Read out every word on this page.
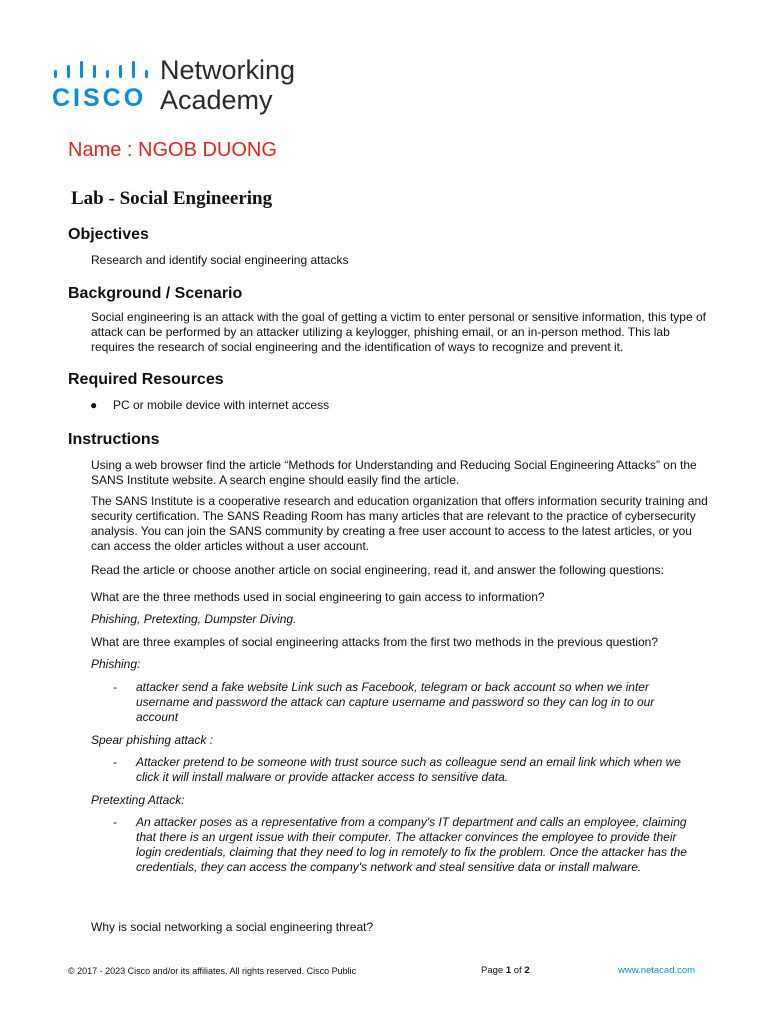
CISCO
Networking
Academy
Name : NGOB DUONG
Lab - Social Engineering
Objectives
Research and identify social engineering attacks
Background / Scenario
Social engineering is an attack with the goal of getting a victim to enter personal or sensitive information, this type of attack can be performed by an attacker utilizing a keylogger, phishing email, or an in-person method. This lab requires the research of social engineering and the identification of ways to recognize and prevent it.
Required Resources
● PC or mobile device with internet access
Instructions
Using a web browser find the article “Methods for Understanding and Reducing Social Engineering Attacks” on the SANS Institute website. A search engine should easily find the article.
The SANS Institute is a cooperative research and education organization that offers information security training and security certification. The SANS Reading Room has many articles that are relevant to the practice of cybersecurity analysis. You can join the SANS community by creating a free user account to access to the latest articles, or you can access the older articles without a user account.
Read the article or choose another article on social engineering, read it, and answer the following questions:
What are the three methods used in social engineering to gain access to information?
Phishing, Pretexting, Dumpster Diving.
What are three examples of social engineering attacks from the first two methods in the previous question?
Phishing:
- attacker send a fake website Link such as Facebook, telegram or back account so when we inter username and password the attack can capture username and password so they can log in to our account
Spear phishing attack :
- Attacker pretend to be someone with trust source such as colleague send an email link which when we click it will install malware or provide attacker access to sensitive data.
Pretexting Attack:
- An attacker poses as a representative from a company's IT department and calls an employee, claiming that there is an urgent issue with their computer. The attacker convinces the employee to provide their login credentials, claiming that they need to log in remotely to fix the problem. Once the attacker has the credentials, they can access the company's network and steal sensitive data or install malware.
Why is social networking a social engineering threat?
© 2017 - 2023 Cisco and/or its affiliates. All rights reserved. Cisco Public	Page 1 of 2	www.netacad.com
